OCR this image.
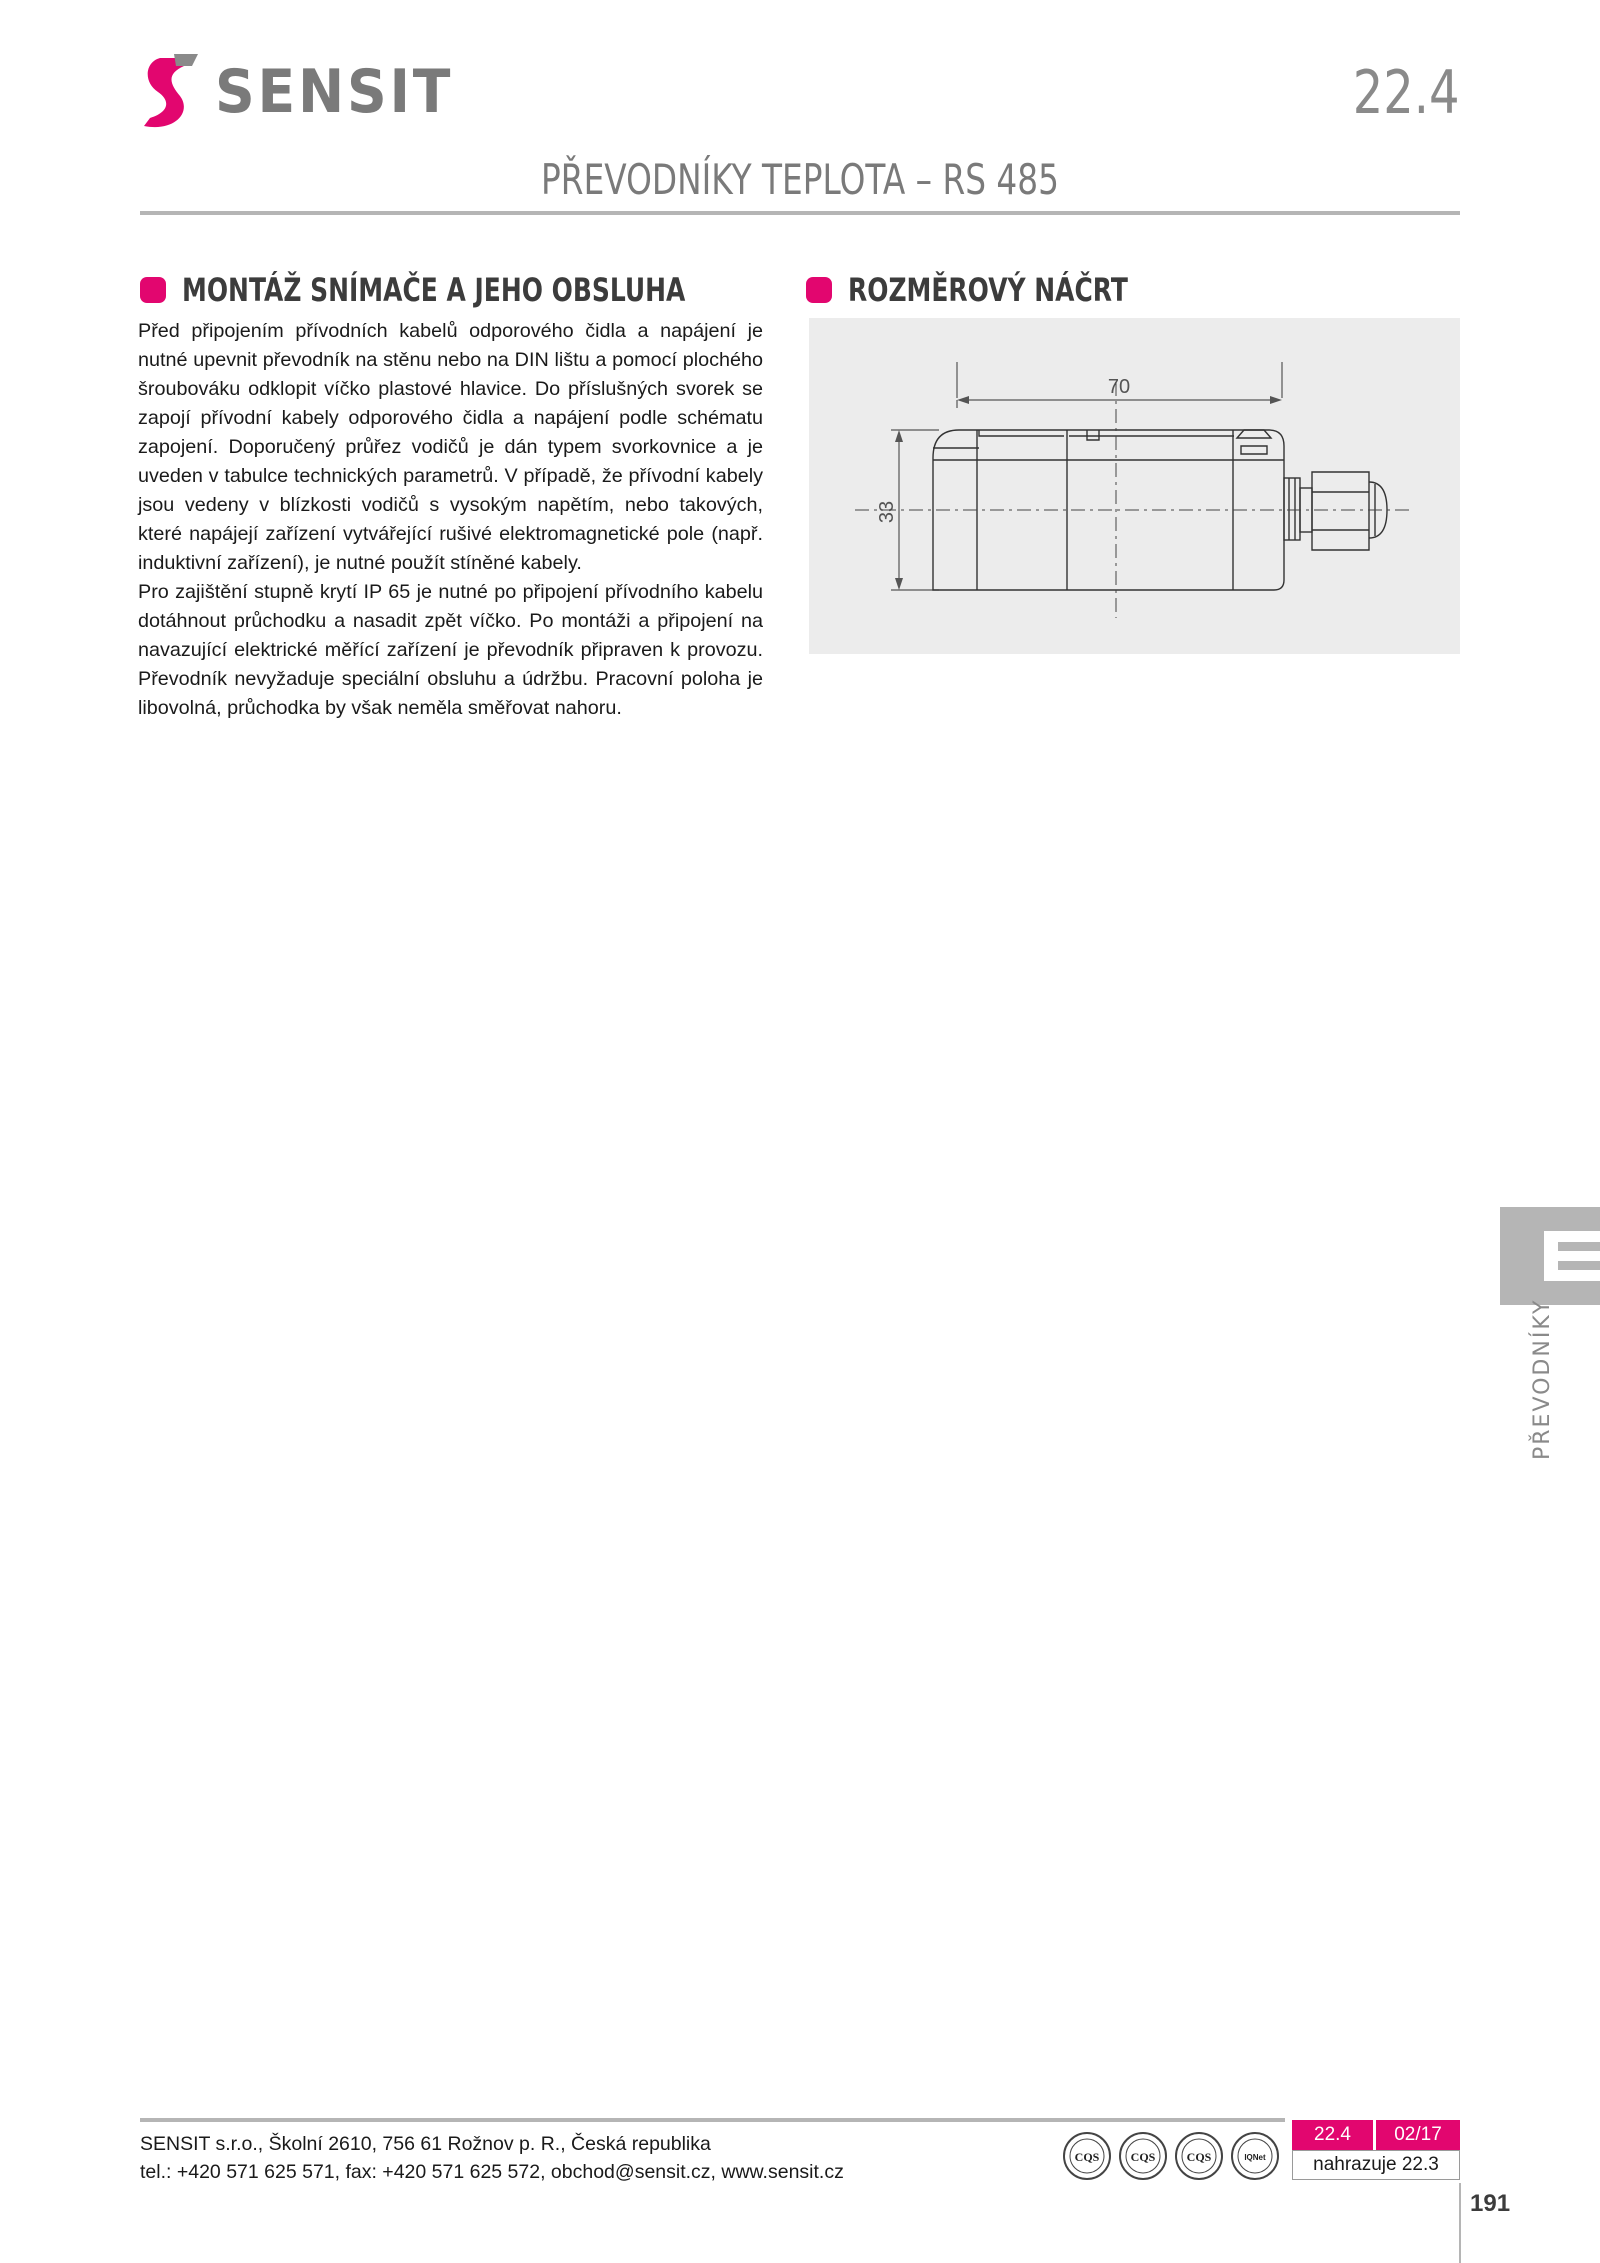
SENSIT	22.4
PŘEVODNÍKY TEPLOTA – RS 485
MONTÁŽ SNÍMAČE A JEHO OBSLUHA

Před připojením přívodních kabelů odporového čidla a napájení je nutné upevnit převodník na stěnu nebo na DIN lištu a pomocí plochého šroubováku odklopit víčko plastové hlavice. Do příslušných svorek se zapojí přívodní kabely odporového čidla a napájení podle schématu zapojení. Doporučený průřez vodičů je dán typem svorkovnice a je uveden v tabulce technických parametrů. V případě, že přívodní kabely jsou vedeny v blízkosti vodičů s vysokým napětím, nebo takových, které napájejí zařízení vytvářející rušivé elektromagnetické pole (např. induktivní zařízení), je nutné použít stíněné kabely.

Pro zajištění stupně krytí IP 65 je nutné po připojení přívodního kabelu dotáhnout průchodku a nasadit zpět víčko. Po montáži a připojení na navazující elektrické měřící zařízení je převodník připraven k provozu. Převodník nevyžaduje speciální obsluhu a údržbu. Pracovní poloha je libovolná, průchodka by však neměla směřovat nahoru.

ROZMĚROVÝ NÁČRT
70
33
PŘEVODNÍKY
SENSIT s.r.o., Školní 2610, 756 61 Rožnov p. R., Česká republika
tel.: +420 571 625 571, fax: +420 571 625 572, obchod@sensit.cz, www.sensit.cz
CQS	CQS	CQS	IQNet
22.4	02/17
nahrazuje 22.3
191
